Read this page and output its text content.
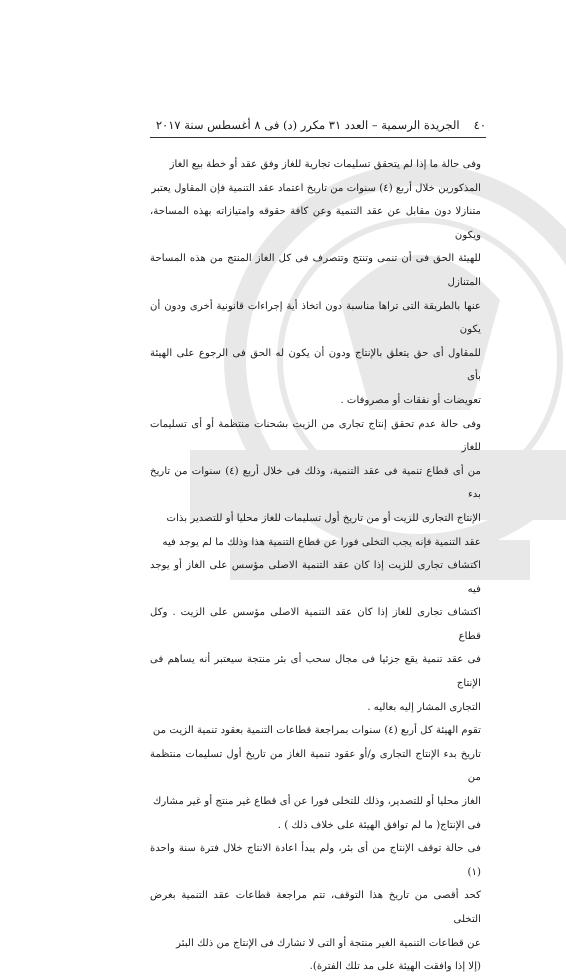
٤٠
الجريدة الرسمية – العدد ٣١ مكرر (د) فى ٨ أغسطس سنة ٢٠١٧

وفى حالة ما إذا لم يتحقق تسليمات تجارية للغاز وفق عقد أو خطة بيع الغاز
المذكورين خلال أربع (٤) سنوات من تاريخ اعتماد عقد التنمية فإن المقاول يعتبر
متنازلا دون مقابل عن عقد التنمية وعن كافة حقوقه وامتيازاته بهذه المساحة، ويكون
للهيئة الحق فى أن تنمى وتنتج وتتصرف فى كل الغاز المنتج من هذه المساحة المتنازل
عنها بالطريقة التى تراها مناسبة دون اتخاذ أية إجراءات قانونية أخرى ودون أن يكون
للمقاول أى حق يتعلق بالإنتاج ودون أن يكون له الحق فى الرجوع على الهيئة بأى
تعويضات أو نفقات أو مصروفات .

وفى حالة عدم تحقق إنتاج تجارى من الزيت بشحنات منتظمة أو أى تسليمات للغاز
من أى قطاع تنمية فى عقد التنمية، وذلك فى خلال أربع (٤) سنوات من تاريخ بدء
الإنتاج التجارى للزيت أو من تاريخ أول تسليمات للغاز محليا أو للتصدير بذات
عقد التنمية فإنه يجب التخلى فورا عن قطاع التنمية هذا وذلك ما لم يوجد فيه
اكتشاف تجارى للزيت إذا كان عقد التنمية الاصلى مؤسس على الغاز أو يوجد فيه
اكتشاف تجارى للغاز إذا كان عقد التنمية الاصلى مؤسس على الزيت . وكل قطاع
فى عقد تنمية يقع جزئيا فى مجال سحب أى بئر منتجة سيعتبر أنه يساهم فى الإنتاج
التجارى المشار إليه بعاليه .

تقوم الهيئة كل أربع (٤) سنوات بمراجعة قطاعات التنمية بعقود تنمية الزيت من
تاريخ بدء الإنتاج التجارى و/أو عقود تنمية الغاز من تاريخ أول تسليمات منتظمة من
الغاز محليا أو للتصدير، وذلك للتخلى فورا عن أى قطاع غير منتج أو غير مشارك
فى الإنتاج( ما لم توافق الهيئة على خلاف ذلك ) .

فى حالة توقف الإنتاج من أى بئر، ولم يبدأ اعادة الانتاج خلال فترة سنة واحدة (١)
كحد أقصى من تاريخ هذا التوقف، تتم مراجعة قطاعات عقد التنمية بغرض التخلى
عن قطاعات التنمية الغير منتجة أو التى لا تشارك فى الإنتاج من ذلك البئر
(إلا إذا وافقت الهيئة على مد تلك الفترة).
